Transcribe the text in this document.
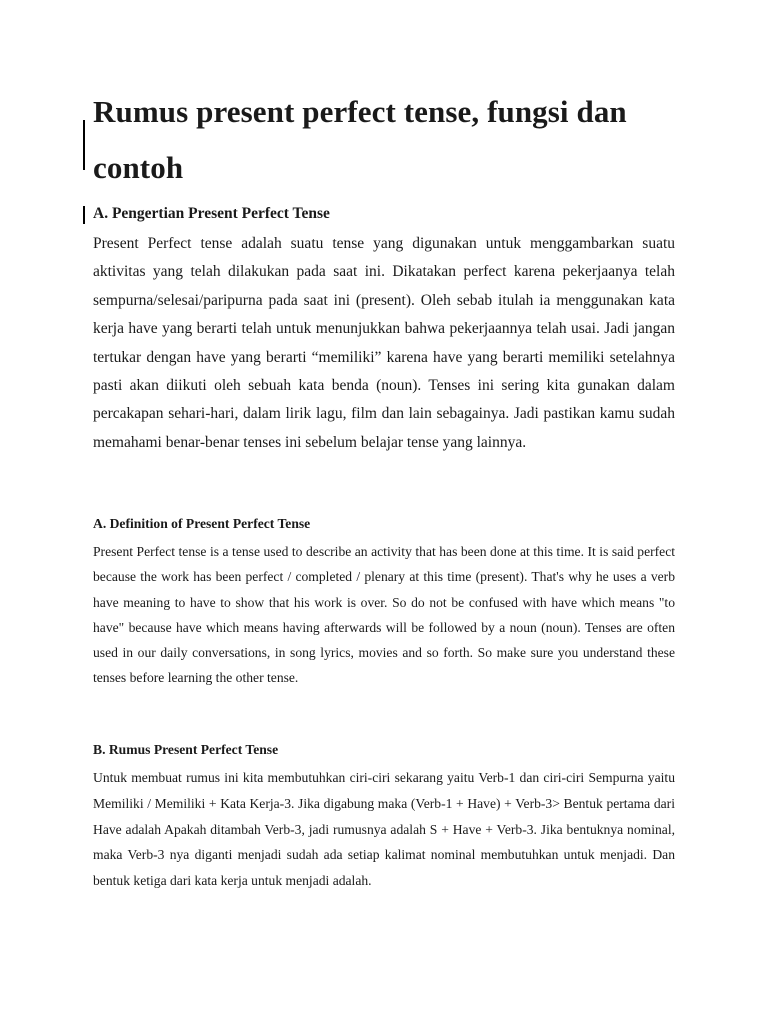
Rumus present perfect tense, fungsi dan contoh
A. Pengertian Present Perfect Tense

Present Perfect tense adalah suatu tense yang digunakan untuk menggambarkan suatu aktivitas yang telah dilakukan pada saat ini. Dikatakan perfect karena pekerjaanya telah sempurna/selesai/paripurna pada saat ini (present). Oleh sebab itulah ia menggunakan kata kerja have yang berarti telah untuk menunjukkan bahwa pekerjaannya telah usai. Jadi jangan tertukar dengan have yang berarti “memiliki” karena have yang berarti memiliki setelahnya pasti akan diikuti oleh sebuah kata benda (noun). Tenses ini sering kita gunakan dalam percakapan sehari-hari, dalam lirik lagu, film dan lain sebagainya. Jadi pastikan kamu sudah memahami benar-benar tenses ini sebelum belajar tense yang lainnya.

A. Definition of Present Perfect Tense

Present Perfect tense is a tense used to describe an activity that has been done at this time. It is said perfect because the work has been perfect / completed / plenary at this time (present). That's why he uses a verb have meaning to have to show that his work is over. So do not be confused with have which means "to have" because have which means having afterwards will be followed by a noun (noun). Tenses are often used in our daily conversations, in song lyrics, movies and so forth. So make sure you understand these tenses before learning the other tense.

B. Rumus Present Perfect Tense

Untuk membuat rumus ini kita membutuhkan ciri-ciri sekarang yaitu Verb-1 dan ciri-ciri Sempurna yaitu Memiliki / Memiliki + Kata Kerja-3. Jika digabung maka (Verb-1 + Have) + Verb-3> Bentuk pertama dari Have adalah Apakah ditambah Verb-3, jadi rumusnya adalah S + Have + Verb-3. Jika bentuknya nominal, maka Verb-3 nya diganti menjadi sudah ada setiap kalimat nominal membutuhkan untuk menjadi. Dan bentuk ketiga dari kata kerja untuk menjadi adalah.
